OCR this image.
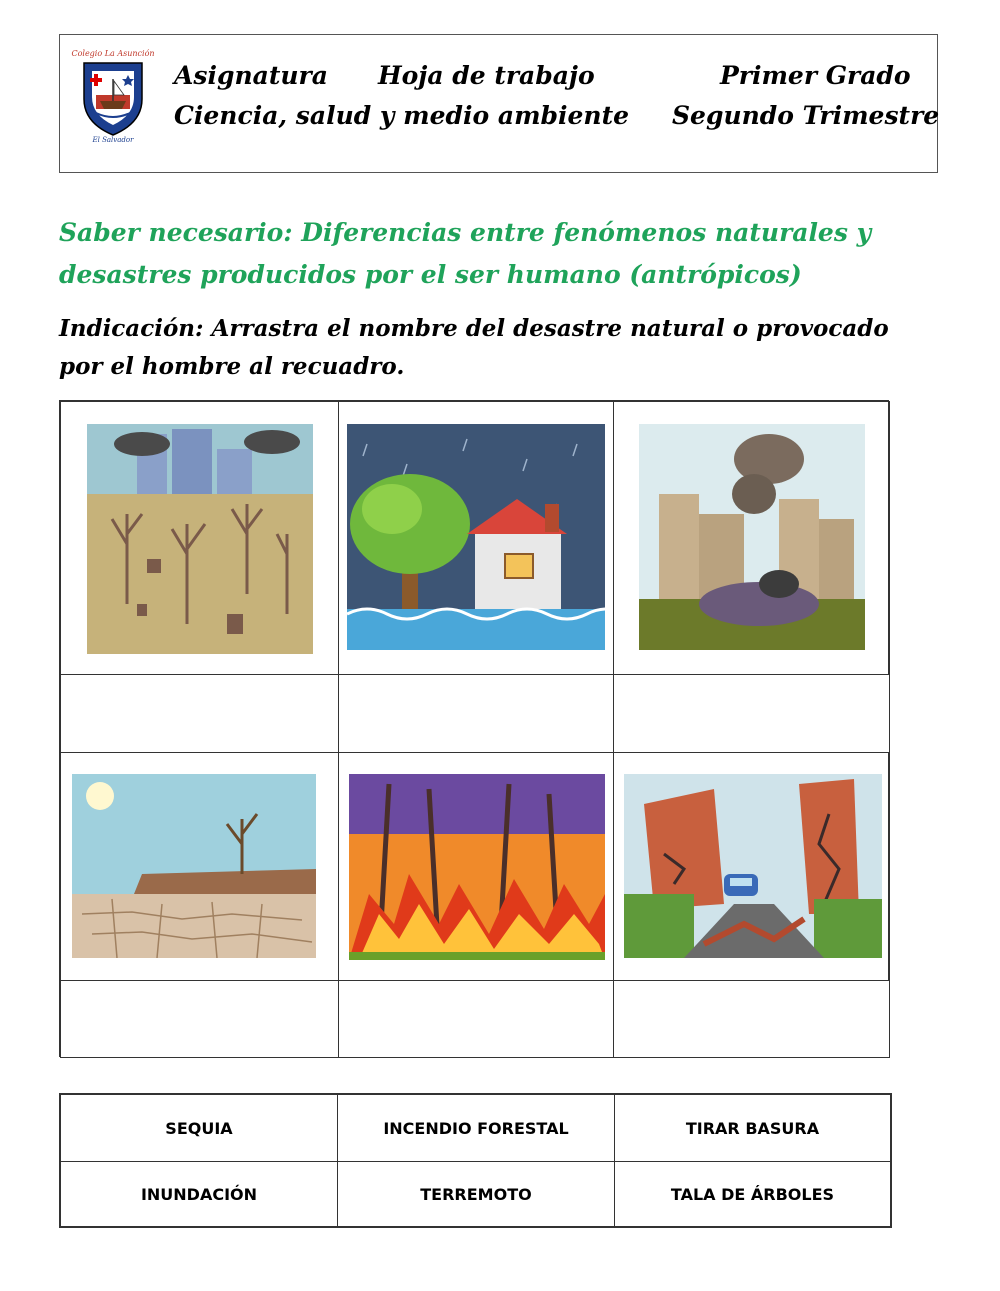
Colegio La Asunción
El Salvador
Asignatura Hoja de trabajo	Primer Grado
Ciencia, salud y medio ambiente Segundo Trimestre
Saber necesario: Diferencias entre fenómenos naturales y desastres producidos por el ser humano (antrópicos)
Indicación: Arrastra el nombre del desastre natural o provocado por el hombre al recuadro.
SEQUIA	INCENDIO FORESTAL	TIRAR BASURA
INUNDACIÓN	TERREMOTO	TALA DE ÁRBOLES
